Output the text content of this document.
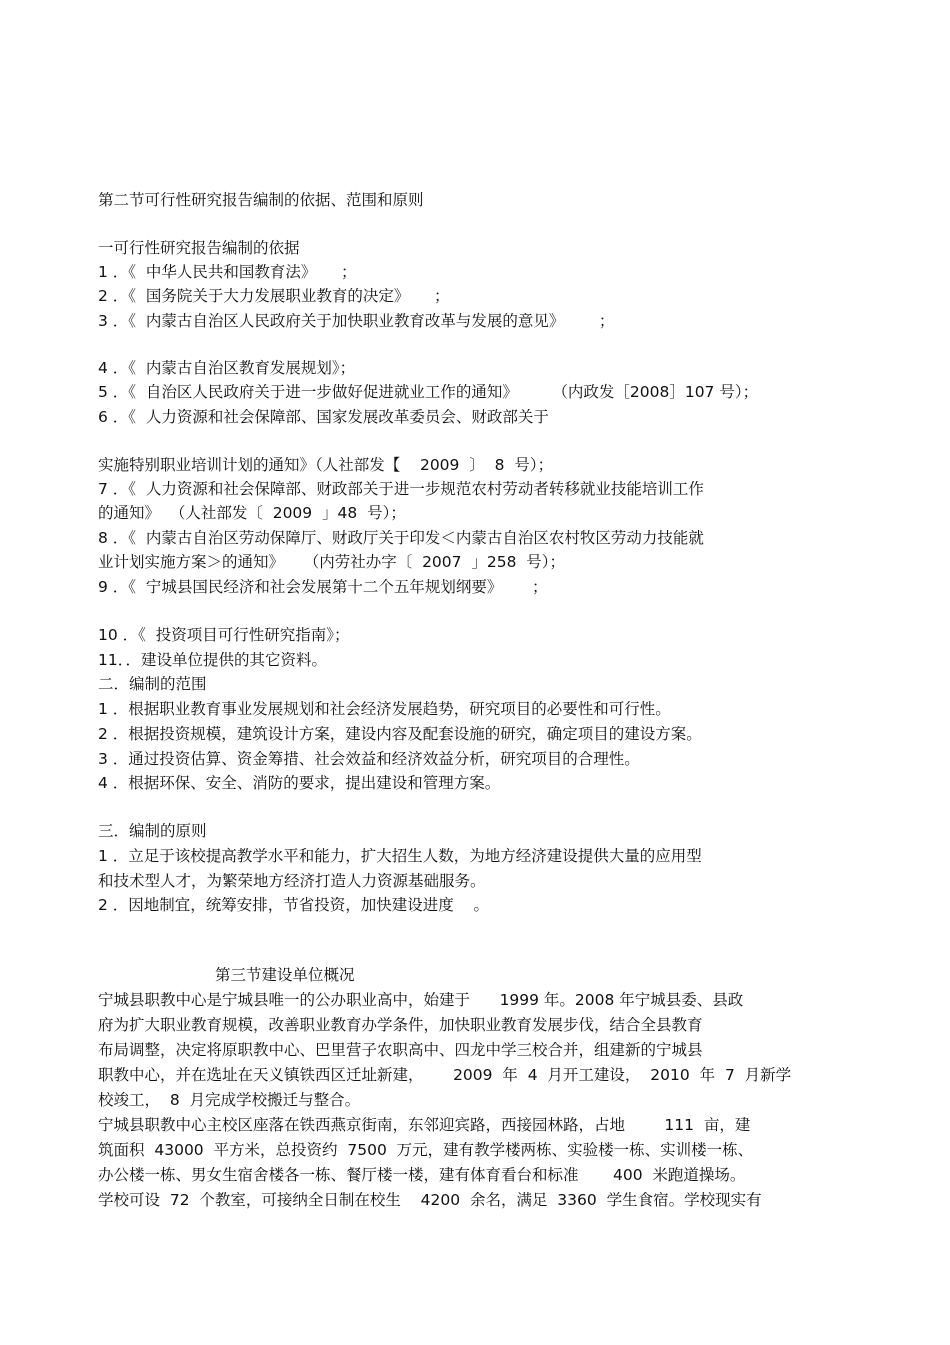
第二节可行性研究报告编制的依据、范围和原则
一可行性研究报告编制的依据
1 ．《  中华人民共和国教育法》     ；
2 ．《  国务院关于大力发展职业教育的决定》     ；
3 ．《  内蒙古自治区人民政府关于加快职业教育改革与发展的意见》       ；
4 ．《  内蒙古自治区教育发展规划》；
5 ．《  自治区人民政府关于进一步做好促进就业工作的通知》       （内政发［2008］107 号）；
6 ．《  人力资源和社会保障部、国家发展改革委员会、财政部关于
实施特别职业培训计划的通知》（人社部发【    2009  〕  8  号）；
7 ．《  人力资源和社会保障部、财政部关于进一步规范农村劳动者转移就业技能培训工作
的通知》  （人社部发〔  2009  」48  号）；
8 ．《  内蒙古自治区劳动保障厅、财政厅关于印发＜内蒙古自治区农村牧区劳动力技能就
业计划实施方案＞的通知》    （内劳社办字〔  2007  」258  号）；
9 ．《  宁城县国民经济和社会发展第十二个五年规划纲要》      ；
10 ．《  投资项目可行性研究指南》；
11．．建设单位提供的其它资料。
二．编制的范围
1 ．根据职业教育事业发展规划和社会经济发展趋势，研究项目的必要性和可行性。
2 ．根据投资规模，建筑设计方案，建设内容及配套设施的研究，确定项目的建设方案。
3 ．通过投资估算、资金筹措、社会效益和经济效益分析，研究项目的合理性。
4 ．根据环保、安全、消防的要求，提出建设和管理方案。
三．编制的原则
1 ．立足于该校提高教学水平和能力，扩大招生人数，为地方经济建设提供大量的应用型
和技术型人才，为繁荣地方经济打造人力资源基础服务。
2 ．因地制宜，统筹安排，节省投资，加快建设进度    。
第三节建设单位概况
宁城县职教中心是宁城县唯一的公办职业高中，始建于      1999 年。2008 年宁城县委、县政
府为扩大职业教育规模，改善职业教育办学条件，加快职业教育发展步伐，结合全县教育
布局调整，决定将原职教中心、巴里营子农职高中、四龙中学三校合并，组建新的宁城县
职教中心，并在选址在天义镇铁西区迁址新建，      2009  年  4  月开工建设，  2010  年  7  月新学
校竣工，  8  月完成学校搬迁与整合。
宁城县职教中心主校区座落在铁西燕京街南，东邻迎宾路，西接园林路，占地        111  亩，建
筑面积  43000  平方米，总投资约  7500  万元，建有教学楼两栋、实验楼一栋、实训楼一栋、
办公楼一栋、男女生宿舍楼各一栋、餐厅楼一楼，建有体育看台和标准       400  米跑道操场。
学校可设  72  个教室，可接纳全日制在校生    4200  余名，满足  3360  学生食宿。学校现实有
